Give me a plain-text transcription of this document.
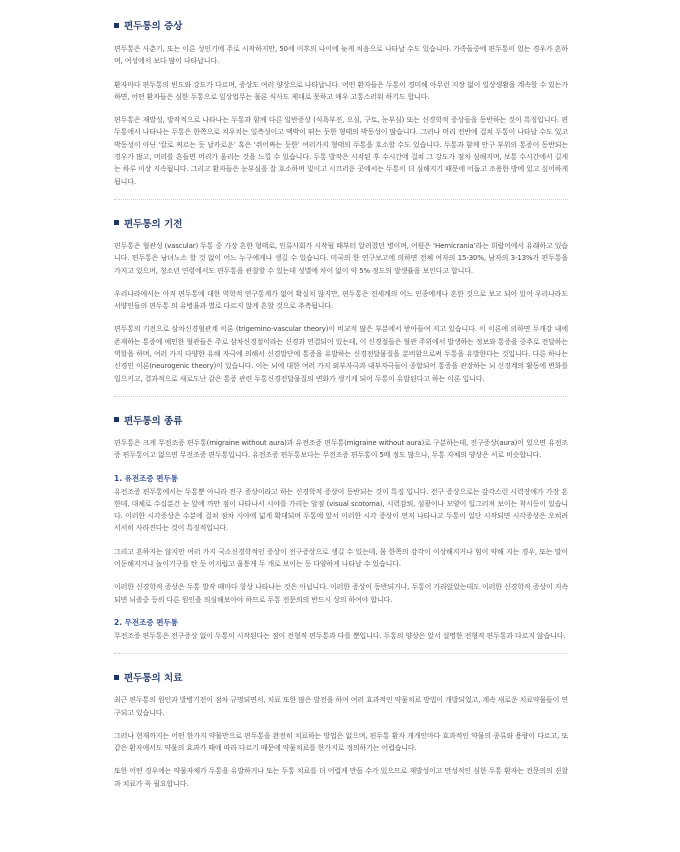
편두통의 증상

편두통은 사춘기, 또는 이른 성인기에 주로 시작하지만, 50세 이후의 나이에 늦게 처음으로 나타날 수도 있습니다. 가족들중에 편두통이 있는 경우가 흔하며, 여성에서 보다 많이 나타납니다.

환자마다 편두통의 빈도와 강도가 다르며, 증상도 여러 양상으로 나타납니다. 어떤 환자들은 두통이 경미해 아무런 지장 없이 일상생활을 계속할 수 있는가 하면, 어떤 환자들은 심한 두통으로 일상업무는 물론 식사도 제대로 못하고 매우 고통스러워 하기도 합니다.

편두통은 재발성, 발작적으로 나타나는 두통과 함께 다른 일반증상 (식욕부진, 오심, 구토, 눈부심) 또는 신경학적 증상들을 동반하는 것이 특징입니다. 편두통에서 나타나는 두통은 한쪽으로 치우치는 일측성이고 맥박이 뛰는 듯한 형태의 박동성이 많습니다. 그러나 머리 전반에 걸쳐 두통이 나타날 수도 있고 박동성이 아닌 ‘칼로 찌르는 듯 날카로운’ 혹은 ‘쥐어짜는 듯한’ 여러가지 형태의 두통을 호소할 수도 있습니다. 두통과 함께 안구 부위의 통증이 동반되는 경우가 많고, 머리를 흔들면 머리가 울리는 것을 느낄 수 있습니다. 두통 발작은 시작된 후 수시간에 걸쳐 그 강도가 점차 심해지며, 보통 수시간에서 길게는 하루 이상 지속됩니다. 그리고 환자들은 눈부심을 잘 호소하며 빛이고 시끄러운 곳에서는 두통이 더 심해지기 때문에 어둡고 조용한 방에 있고 싶어하게 됩니다.

편두통의 기전

편두통은 혈관성 (vascular) 두통 중 가장 흔한 형태로, 인류사회가 시작될 때부터 알려졌던 병이며, 어원은 ‘Hemicrania’라는 희랍어에서 유래하고 있습니다. 편두통은 남녀노소 할 것 없이 어느 누구에게나 생길 수 있습니다. 미국의 한 연구보고에 의하면 전체 여자의 15-30%, 남자의 3-13%가 편두통을 가지고 있으며, 청소년 연령에서도 편두통을 관찰할 수 있는데 성별에 차이 없이 약 5% 정도의 발생률을 보인다고 합니다.

우리나라에서는 아직 편두통에 대한 역학적 연구통계가 없어 확실치 않지만, 편두통은 전세계의 어느 인종에게나 흔한 것으로 보고 되어 있어 우리나라도 서양인들의 편두통 의 유병율과 별로 다르지 않게 흔할 것으로 추측됩니다.

편두통의 기전으로 삼차신경혈관계 이론 (trigemino-vascular theory)이 비교적 많은 부분에서 받아들여 지고 있습니다. 이 이론에 의하면 두개강 내에 존재하는 통증에 예민한 혈관들은 주로 삼차신경절이라는 신경과 연결되어 있는데, 이 신경절들은 혈관 주위에서 발생하는 정보와 통증을 중추로 전달하는 역할을 하며, 여러 가지 다양한 유해 자극에 의해서 신경말단에 통증을 유발하는 신경전달물질을 분비함으로써 두통을 유발한다는 것입니다. 다른 하나는 신경인 이론(neurogenic theory)이 있습니다. 이는 뇌에 대한 여러 가지 외부자극과 내부자극들이 종합되어 통증을 관장하는 뇌 신경계의 활동에 변화를 일으키고, 결과적으로 새로도난 같은 통증 관련 두통신경전달물질의 변화가 생기게 되어 두통이 유발된다고 하는 이론 입니다.

편두통의 종류

편두통은 크게 무전조증 편두통(migraine without aura)과 유전조증 편두통(migraine without aura)로 구분하는데, 전구증상(aura)이 있으면 유전조증 편두통이고 없으면 무전조증 편두통입니다. 유전조증 편두통보다는 무전조증 편두통이 5배 정도 많으나, 두통 자체의 양상은 서로 비슷합니다.

1. 유전조증 편두통

유전조증 편두통에서는 두통뿐 아니라 전구 증상이라고 하는 신경학적 증상이 동반되는 것이 특징 입니다. 전구 증상으로는 감각스런 시력장애가 가장 흔한데, 대체로 수십분간 눈 앞에 까만 점이 나타나서 시야를 가리는 암점 (visual scotoma), 시력감퇴, 섬광이나 모양이 일그러져 보이는 착시등이 있습니다. 이러한 시각증상은 수분에 걸쳐 점차 시야에 넓게 확대되며 두통에 앞서 이러한 시각 증상이 먼저 나타나고 두통이 일단 시작되면 시각증상은 오히려 서서히 사라진다는 것이 특징적입니다.

그리고 흔하지는 않지만 여러 가지 국소신경학적인 증상이 전구증상으로 생길 수 있는데, 몸 한쪽의 감각이 이상해지거나 힘이 약해 지는 경우, 또는 말이 어둔해지거나 놀이기구를 탄 듯 어지럽고 울퉁게 두 개로 보이는 등 다양하게 나타날 수 있습니다.

이러한 신경학적 증상은 두통 발작 때마다 항상 나타나는 것은 아닙니다. 이러한 증상이 동반되거나, 두통이 가라앉았는데도 이러한 신경학적 증상이 지속되면 뇌졸중 등의 다른 원인을 의심해보아야 하므로 두통 전문의의 반드시 상의 하여야 합니다.

2. 무전조증 편두통

무전조증 편두통은 전구증상 없이 두통이 시작된다는 점이 전형적 편두통과 다를 뿐입니다. 두통의 양상은 앞서 설명한 전형적 편두통과 다르지 않습니다.

편두통의 치료

최근 편두통의 원인과 발병기전이 점차 규명되면서, 치료 또한 많은 발전을 하여 여러 효과적인 약물치료 방법이 개발되었고, 계속 새로운 치료약물들이 연구되고 있습니다.

그러나 현재까지는 어떤 한가지 약물만으로 편두통을 완전히 치료하는 방법은 없으며, 편두통 환자 개개인마다 효과적인 약물의 종류와 용량이 다르고, 또 같은 환자에서도 약물의 효과가 때에 따라 다르기 때문에 약물치료를 한가지로 정의하기는 어렵습니다.

또한 어떤 경우에는 약물자체가 두통을 유발하거나 또는 두통 치료를 더 어렵게 만들 수가 있으므로 재발성이고 만성적인 심한 두통 환자는 전문의의 진찰과 치료가 꼭 필요합니다.
